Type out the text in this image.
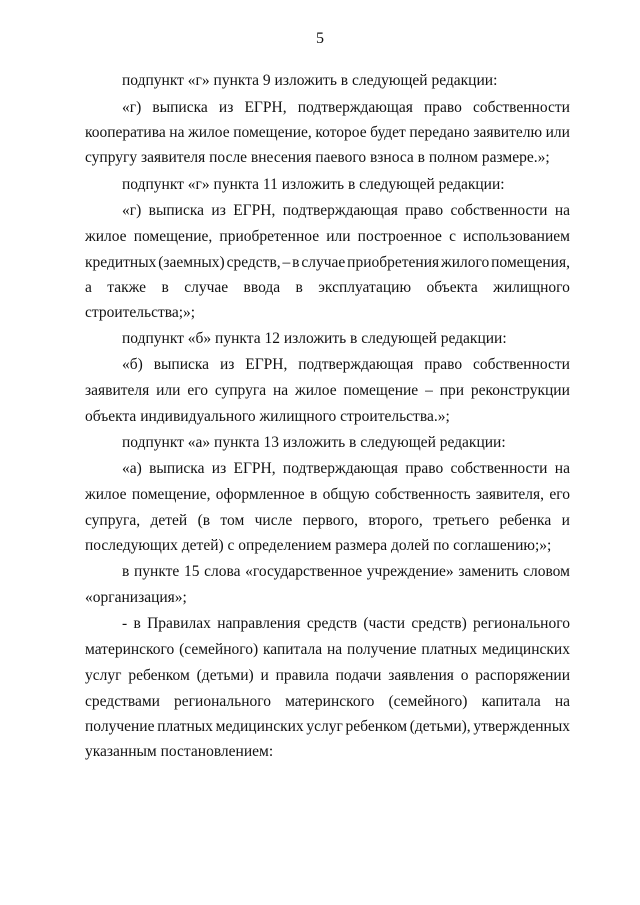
5
подпункт «г» пункта 9 изложить в следующей редакции:
«г) выписка из ЕГРН, подтверждающая право собственности
кооператива на жилое помещение, которое будет передано заявителю или
супругу заявителя после внесения паевого взноса в полном размере.»;
подпункт «г» пункта 11 изложить в следующей редакции:
«г) выписка из ЕГРН, подтверждающая право собственности на
жилое помещение, приобретенное или построенное с использованием
кредитных (заемных) средств, – в случае приобретения жилого помещения,
а также в случае ввода в эксплуатацию объекта жилищного
строительства;»;
подпункт «б» пункта 12 изложить в следующей редакции:
«б) выписка из ЕГРН, подтверждающая право собственности
заявителя или его супруга на жилое помещение – при реконструкции
объекта индивидуального жилищного строительства.»;
подпункт «а» пункта 13 изложить в следующей редакции:
«а) выписка из ЕГРН, подтверждающая право собственности на
жилое помещение, оформленное в общую собственность заявителя, его
супруга, детей (в том числе первого, второго, третьего ребенка и
последующих детей) с определением размера долей по соглашению;»;
в пункте 15 слова «государственное учреждение» заменить словом
«организация»;
- в Правилах направления средств (части средств) регионального
материнского (семейного) капитала на получение платных медицинских
услуг ребенком (детьми) и правила подачи заявления о распоряжении
средствами регионального материнского (семейного) капитала на
получение платных медицинских услуг ребенком (детьми), утвержденных
указанным постановлением:
